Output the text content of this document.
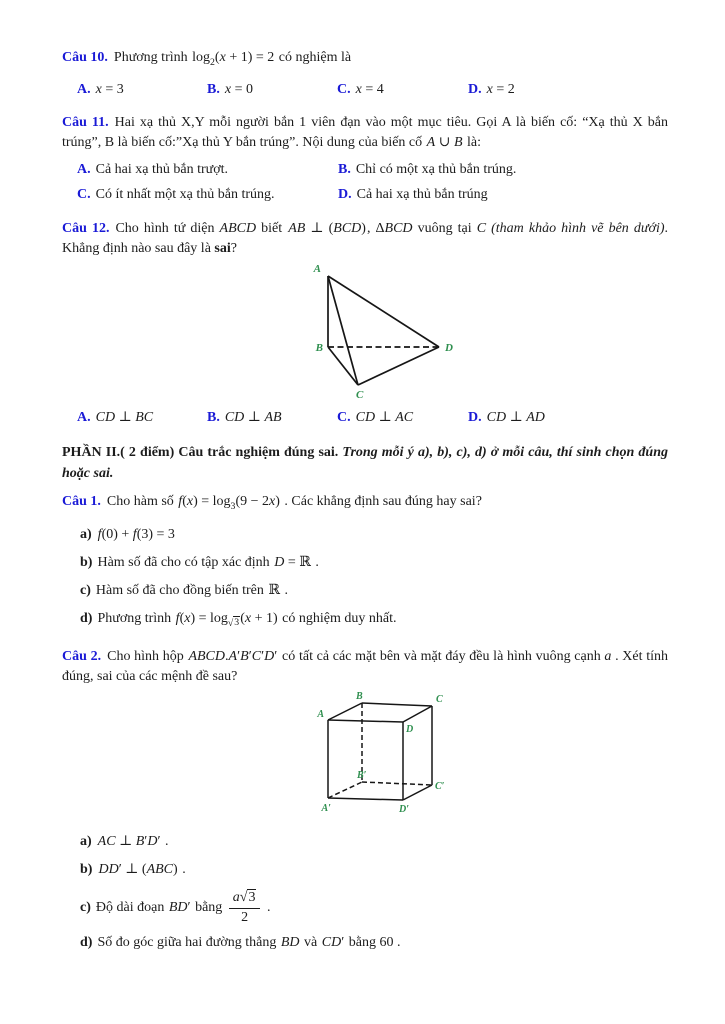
Câu 10. Phương trình $\log_2(x + 1) = 2$ có nghiệm là

A. x = 3	B. x = 0	C. x = 4	D. x = 2

Câu 11. Hai xạ thủ X,Y mỗi người bắn 1 viên đạn vào một mục tiêu. Gọi A là biến cố: “Xạ thủ X bắn trúng”, B là biến cố:”Xạ thủ Y bắn trúng”. Nội dung của biến cố A ∪ B là:

A. Cả hai xạ thủ bắn trượt.	B. Chỉ có một xạ thủ bắn trúng.
C. Có ít nhất một xạ thủ bắn trúng.	D. Cả hai xạ thủ bắn trúng

Câu 12. Cho hình tứ diện ABCD biết AB ⊥ (BCD), ΔBCD vuông tại C (tham khảo hình vẽ bên dưới). Khẳng định nào sau đây là sai?

A
B
C
D
A. CD ⊥ BC	B. CD ⊥ AB	C. CD ⊥ AC	D. CD ⊥ AD

PHẦN II.( 2 điểm) Câu trắc nghiệm đúng sai. Trong mỗi ý a), b), c), d) ở mỗi câu, thí sinh chọn đúng hoặc sai.

Câu 1. Cho hàm số $f(x) = \log_3(9 - 2x)$ . Các khẳng định sau đúng hay sai?

a) f(0) + f(3) = 3
b) Hàm số đã cho có tập xác định D = ℝ .
c) Hàm số đã cho đồng biến trên ℝ .
d) Phương trình $f(x) = \log_{√3}(x + 1)$ có nghiệm duy nhất.

Câu 2. Cho hình hộp ABCD.A′B′C′D′ có tất cả các mặt bên và mặt đáy đều là hình vuông cạnh a . Xét tính đúng, sai của các mệnh đề sau?

A
B	C
D
A′
B′
C′
D′
a) AC ⊥ B′D′ .
b) DD′ ⊥ (ABC) .
c) Độ dài đoạn BD′ bằng $\frac{a√3}{2}$ .
d) Số đo góc giữa hai đường thẳng BD và CD′ bằng 60 .
